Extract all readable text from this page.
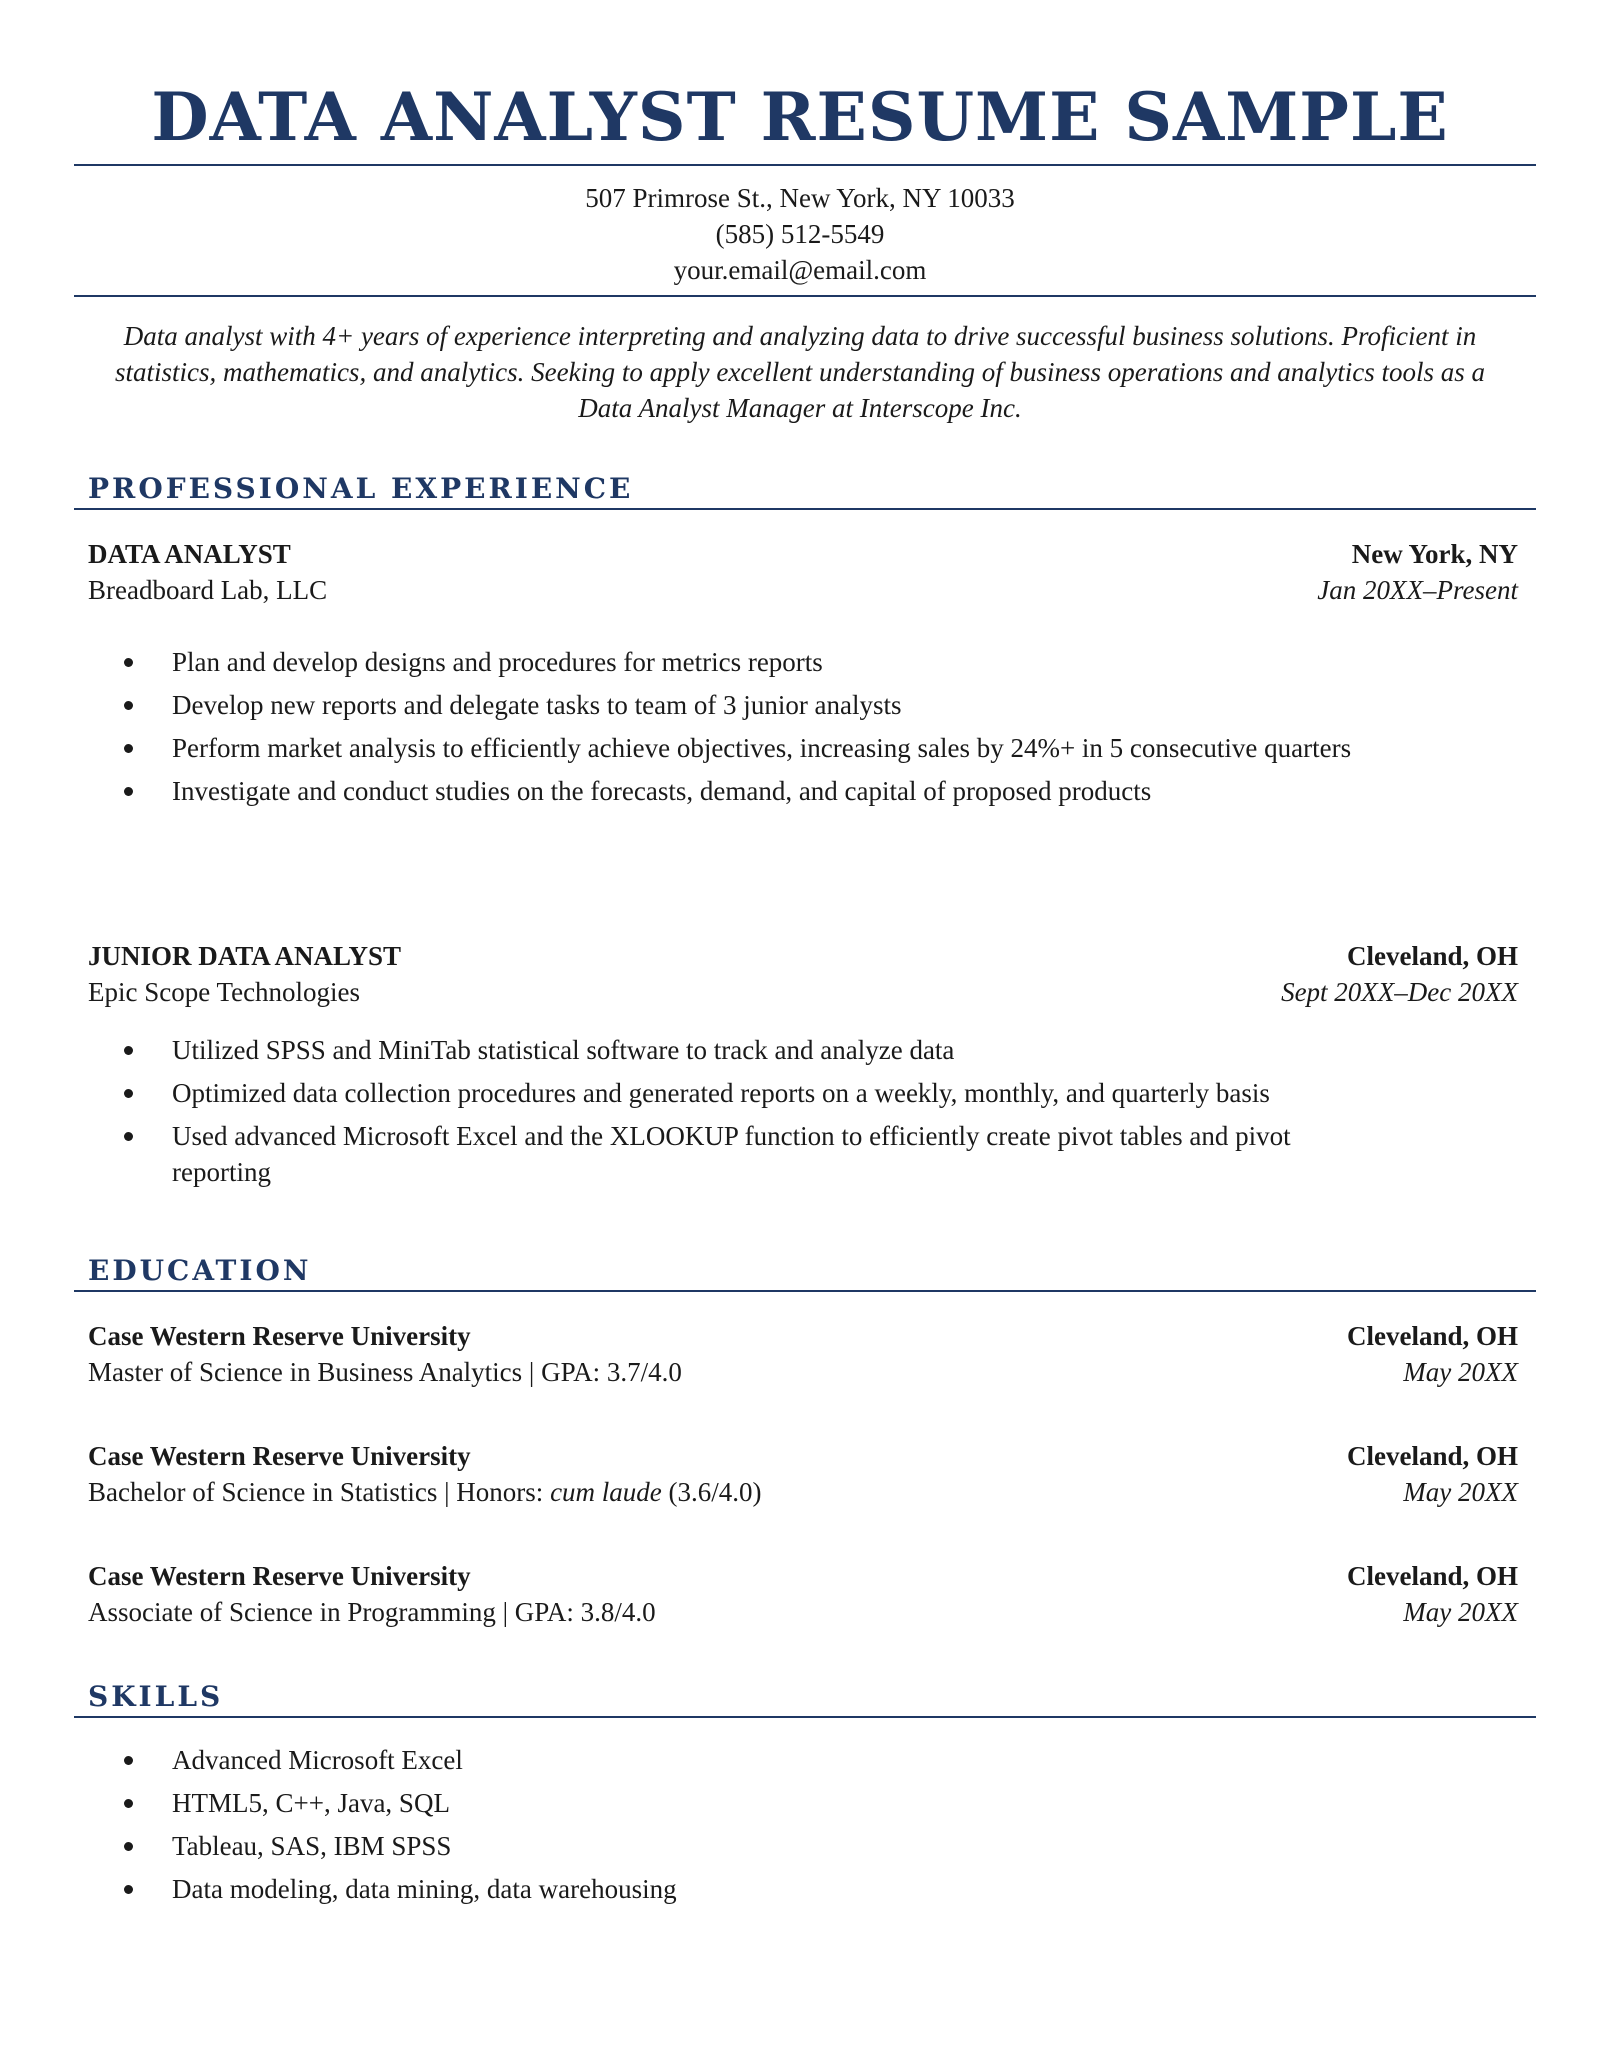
DATA ANALYST RESUME SAMPLE
507 Primrose St., New York, NY 10033
(585) 512-5549
your.email@email.com
Data analyst with 4+ years of experience interpreting and analyzing data to drive successful business solutions. Proficient in statistics, mathematics, and analytics. Seeking to apply excellent understanding of business operations and analytics tools as a Data Analyst Manager at Interscope Inc.
PROFESSIONAL EXPERIENCE
DATA ANALYST	New York, NY
Breadboard Lab, LLC	Jan 20XX–Present
Plan and develop designs and procedures for metrics reports
Develop new reports and delegate tasks to team of 3 junior analysts
Perform market analysis to efficiently achieve objectives, increasing sales by 24%+ in 5 consecutive quarters
Investigate and conduct studies on the forecasts, demand, and capital of proposed products
JUNIOR DATA ANALYST	Cleveland, OH
Epic Scope Technologies	Sept 20XX–Dec 20XX
Utilized SPSS and MiniTab statistical software to track and analyze data
Optimized data collection procedures and generated reports on a weekly, monthly, and quarterly basis
Used advanced Microsoft Excel and the XLOOKUP function to efficiently create pivot tables and pivot reporting
EDUCATION
Case Western Reserve University	Cleveland, OH
Master of Science in Business Analytics | GPA: 3.7/4.0	May 20XX
Case Western Reserve University	Cleveland, OH
Bachelor of Science in Statistics | Honors: cum laude (3.6/4.0)	May 20XX
Case Western Reserve University	Cleveland, OH
Associate of Science in Programming | GPA: 3.8/4.0	May 20XX
SKILLS
Advanced Microsoft Excel
HTML5, C++, Java, SQL
Tableau, SAS, IBM SPSS
Data modeling, data mining, data warehousing
